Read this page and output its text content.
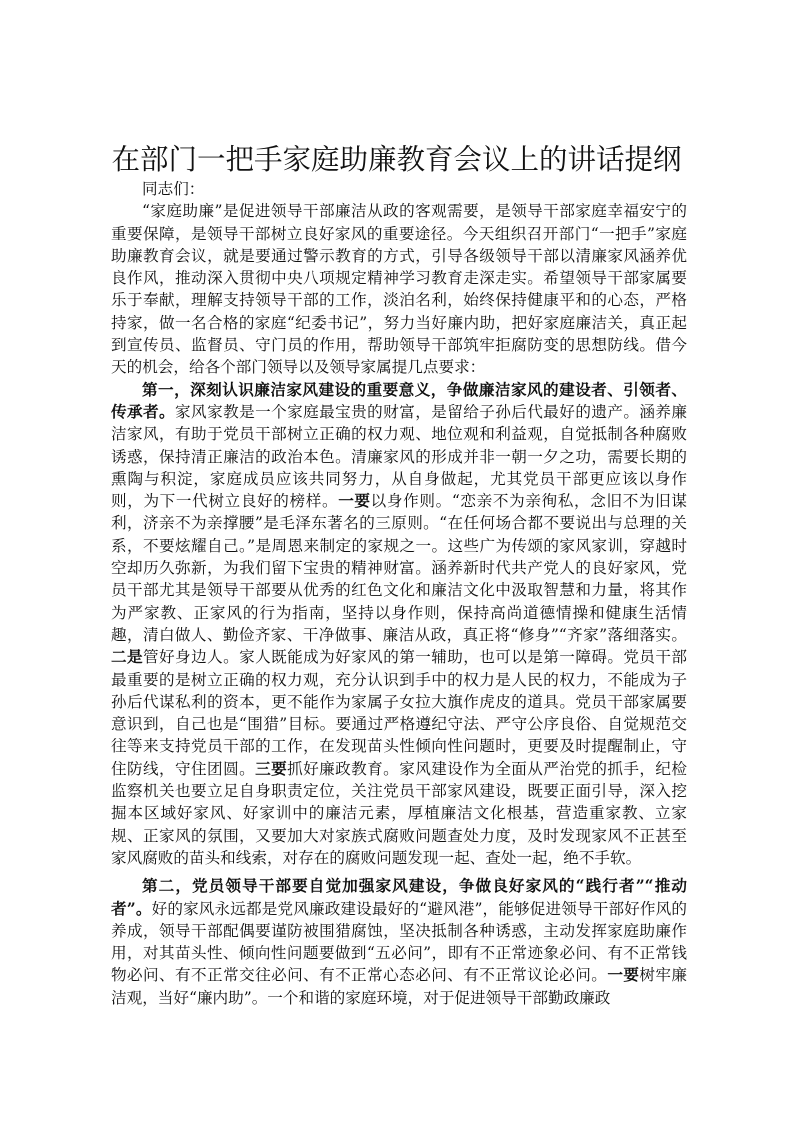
在部门一把手家庭助廉教育会议上的讲话提纲

同志们：

“家庭助廉”是促进领导干部廉洁从政的客观需要，是领导干部家庭幸福安宁的重要保障，是领导干部树立良好家风的重要途径。今天组织召开部门“一把手”家庭助廉教育会议，就是要通过警示教育的方式，引导各级领导干部以清廉家风涵养优良作风，推动深入贯彻中央八项规定精神学习教育走深走实。希望领导干部家属要乐于奉献，理解支持领导干部的工作，淡泊名利，始终保持健康平和的心态，严格持家，做一名合格的家庭“纪委书记”，努力当好廉内助，把好家庭廉洁关，真正起到宣传员、监督员、守门员的作用，帮助领导干部筑牢拒腐防变的思想防线。借今天的机会，给各个部门领导以及领导家属提几点要求：

第一，深刻认识廉洁家风建设的重要意义，争做廉洁家风的建设者、引领者、传承者。家风家教是一个家庭最宝贵的财富，是留给子孙后代最好的遗产。涵养廉洁家风，有助于党员干部树立正确的权力观、地位观和利益观，自觉抵制各种腐败诱惑，保持清正廉洁的政治本色。清廉家风的形成并非一朝一夕之功，需要长期的熏陶与积淀，家庭成员应该共同努力，从自身做起，尤其党员干部更应该以身作则，为下一代树立良好的榜样。一要以身作则。“恋亲不为亲徇私，念旧不为旧谋利，济亲不为亲撑腰”是毛泽东著名的三原则。“在任何场合都不要说出与总理的关系，不要炫耀自己。”是周恩来制定的家规之一。这些广为传颂的家风家训，穿越时空却历久弥新，为我们留下宝贵的精神财富。涵养新时代共产党人的良好家风，党员干部尤其是领导干部要从优秀的红色文化和廉洁文化中汲取智慧和力量，将其作为严家教、正家风的行为指南，坚持以身作则，保持高尚道德情操和健康生活情趣，清白做人、勤俭齐家、干净做事、廉洁从政，真正将“修身”“齐家”落细落实。二是管好身边人。家人既能成为好家风的第一辅助，也可以是第一障碍。党员干部最重要的是树立正确的权力观，充分认识到手中的权力是人民的权力，不能成为子孙后代谋私利的资本，更不能作为家属子女拉大旗作虎皮的道具。党员干部家属要意识到，自己也是“围猎”目标。要通过严格遵纪守法、严守公序良俗、自觉规范交往等来支持党员干部的工作，在发现苗头性倾向性问题时，更要及时提醒制止，守住防线，守住团圆。三要抓好廉政教育。家风建设作为全面从严治党的抓手，纪检监察机关也要立足自身职责定位，关注党员干部家风建设，既要正面引导，深入挖掘本区域好家风、好家训中的廉洁元素，厚植廉洁文化根基，营造重家教、立家规、正家风的氛围，又要加大对家族式腐败问题查处力度，及时发现家风不正甚至家风腐败的苗头和线索，对存在的腐败问题发现一起、查处一起，绝不手软。

第二，党员领导干部要自觉加强家风建设，争做良好家风的“践行者”“推动者”。好的家风永远都是党风廉政建设最好的“避风港”，能够促进领导干部好作风的养成，领导干部配偶要谨防被围猎腐蚀，坚决抵制各种诱惑，主动发挥家庭助廉作用，对其苗头性、倾向性问题要做到“五必问”，即有不正常迹象必问、有不正常钱物必问、有不正常交往必问、有不正常心态必问、有不正常议论必问。一要树牢廉洁观，当好“廉内助”。一个和谐的家庭环境，对于促进领导干部勤政廉政
